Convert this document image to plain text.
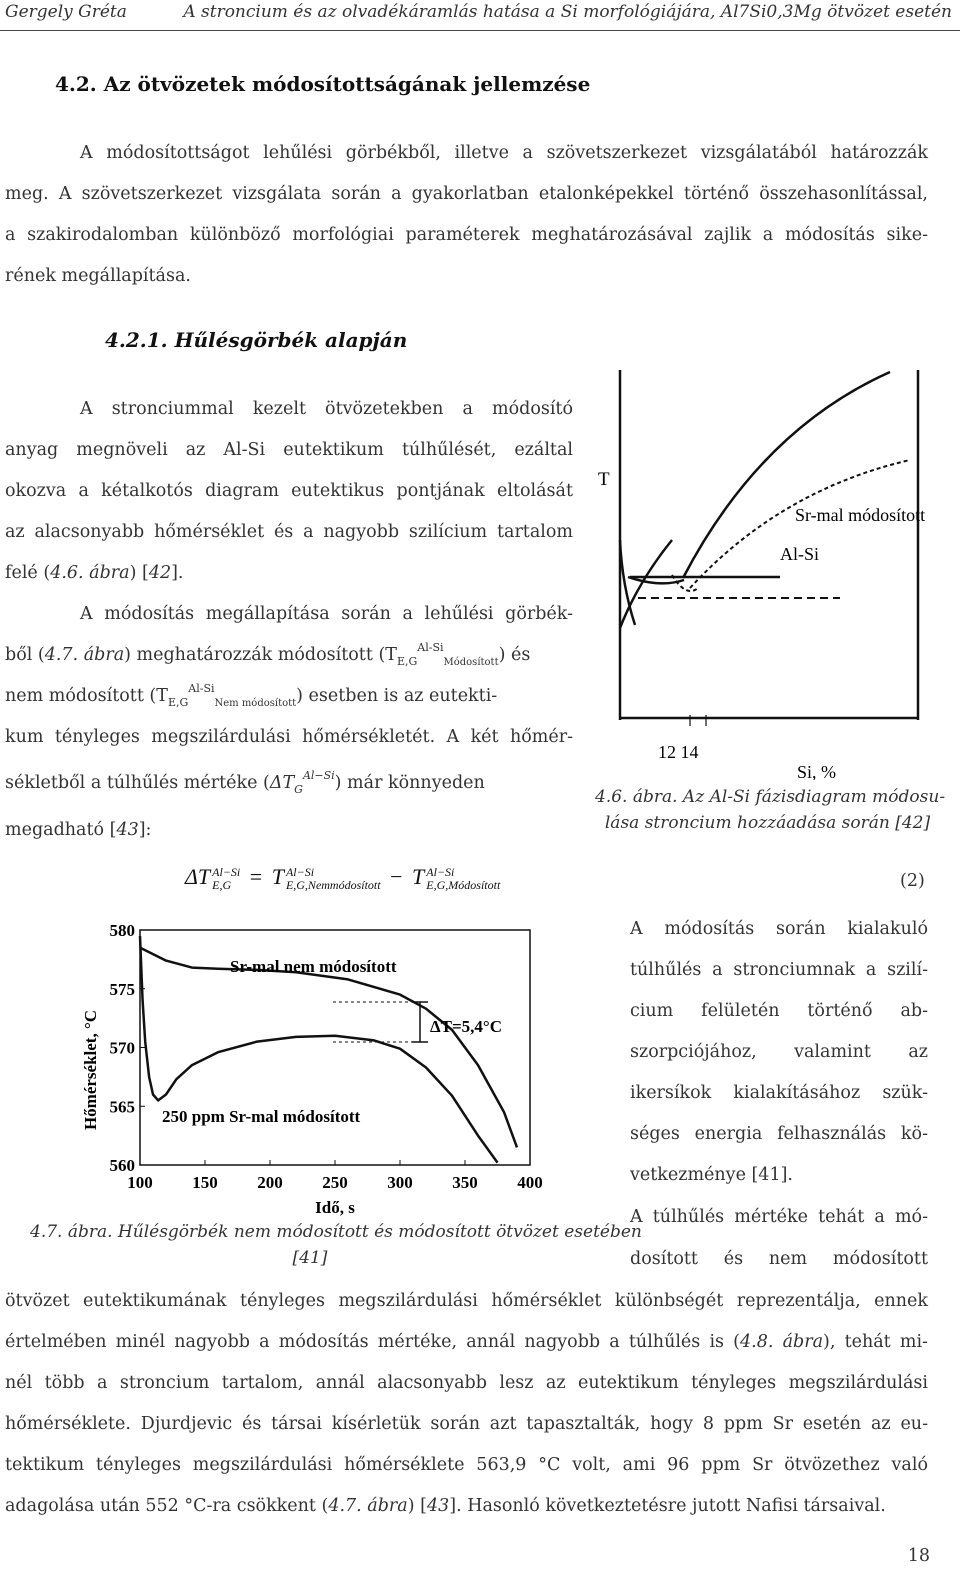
Gergely Gréta	A stroncium és az olvadékáramlás hatása a Si morfológiájára, Al7Si0,3Mg ötvözet esetén
4.2. Az ötvözetek módosítottságának jellemzése
A módosítottságot lehűlési görbékből, illetve a szövetszerkezet vizsgálatából határozzák
meg. A szövetszerkezet vizsgálata során a gyakorlatban etalonképekkel történő összehasonlítással,
a szakirodalomban különböző morfológiai paraméterek meghatározásával zajlik a módosítás sike-
rének megállapítása.
4.2.1. Hűlésgörbék alapján
A stronciummal kezelt ötvözetekben a módosító
anyag megnöveli az Al-Si eutektikum túlhűlését, ezáltal
okozva a kétalkotós diagram eutektikus pontjának eltolását
az alacsonyabb hőmérséklet és a nagyobb szilícium tartalom
felé (4.6. ábra) [42].
A módosítás megállapítása során a lehűlési görbék-
ből (4.7. ábra) meghatározzák módosított $(T_{E,G}^{Al-Si}_{Módosított})$ és
nem módosított $(T_{E,G}^{Al-Si}_{Nem módosított})$ esetben is az eutekti-
kum tényleges megszilárdulási hőmérsékletét. A két hőmér-
sékletből a túlhűlés mértéke $(\Delta T_G^{Al-Si})$ már könnyeden
megadható [43]:
T
Sr-mal módosított
Al-Si
12 14
Si, %
4.6. ábra. Az Al-Si fázisdiagram módosu-
lása stroncium hozzáadása során [42]
ΔT Al−Si
E,G = T Al−Si
E,G,Nemmódosított − T Al−Si
E,G,Módosított	(2)
100 150 200 250 300 350 400
580
575
570
565
560
Hőmérséklet, °C
Idő, s
Sr-mal nem módosított
250 ppm Sr-mal módosított
ΔT=5,4°C
4.7. ábra. Hűlésgörbék nem módosított és módosított ötvözet esetében
[41]
A módosítás során kialakuló
túlhűlés a stronciumnak a szilí-
cium felületén történő ab-
szorpciójához, valamint az
ikersíkok kialakításához szük-
séges energia felhasználás kö-
vetkezménye [41].
A túlhűlés mértéke tehát a mó-
dosított és nem módosított
ötvözet eutektikumának tényleges megszilárdulási hőmérséklet különbségét reprezentálja, ennek
értelmében minél nagyobb a módosítás mértéke, annál nagyobb a túlhűlés is (4.8. ábra), tehát mi-
nél több a stroncium tartalom, annál alacsonyabb lesz az eutektikum tényleges megszilárdulási
hőmérséklete. Djurdjevic és társai kísérletük során azt tapasztalták, hogy 8 ppm Sr esetén az eu-
tektikum tényleges megszilárdulási hőmérséklete 563,9 °C volt, ami 96 ppm Sr ötvözethez való
adagolása után 552 °C-ra csökkent (4.7. ábra) [43]. Hasonló következtetésre jutott Nafisi társaival.
18
